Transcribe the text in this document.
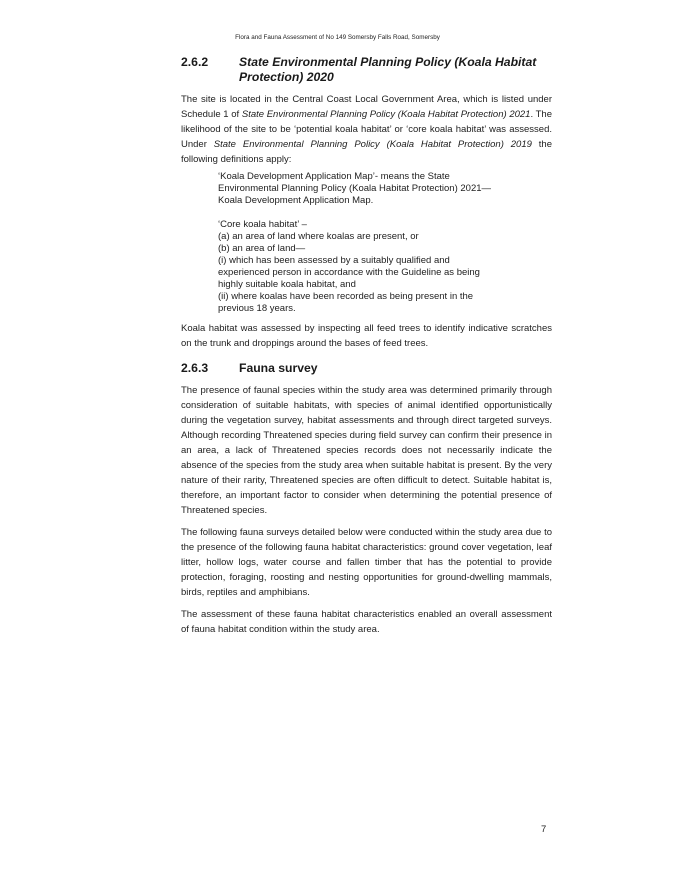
Flora and Fauna Assessment of No 149 Somersby Falls Road, Somersby
2.6.2	State Environmental Planning Policy (Koala Habitat Protection) 2020

The site is located in the Central Coast Local Government Area, which is listed under Schedule 1 of State Environmental Planning Policy (Koala Habitat Protection) 2021. The likelihood of the site to be ‘potential koala habitat’ or ‘core koala habitat’ was assessed. Under State Environmental Planning Policy (Koala Habitat Protection) 2019 the following definitions apply:

‘Koala Development Application Map’- means the State
Environmental Planning Policy (Koala Habitat Protection) 2021—
Koala Development Application Map.
‘Core koala habitat’ –
(a) an area of land where koalas are present, or
(b) an area of land—
(i) which has been assessed by a suitably qualified and
experienced person in accordance with the Guideline as being
highly suitable koala habitat, and
(ii) where koalas have been recorded as being present in the
previous 18 years.

Koala habitat was assessed by inspecting all feed trees to identify indicative scratches on the trunk and droppings around the bases of feed trees.

2.6.3	Fauna survey

The presence of faunal species within the study area was determined primarily through consideration of suitable habitats, with species of animal identified opportunistically during the vegetation survey, habitat assessments and through direct targeted surveys. Although recording Threatened species during field survey can confirm their presence in an area, a lack of Threatened species records does not necessarily indicate the absence of the species from the study area when suitable habitat is present. By the very nature of their rarity, Threatened species are often difficult to detect. Suitable habitat is, therefore, an important factor to consider when determining the potential presence of Threatened species.

The following fauna surveys detailed below were conducted within the study area due to the presence of the following fauna habitat characteristics: ground cover vegetation, leaf litter, hollow logs, water course and fallen timber that has the potential to provide protection, foraging, roosting and nesting opportunities for ground-dwelling mammals, birds, reptiles and amphibians.

The assessment of these fauna habitat characteristics enabled an overall assessment of fauna habitat condition within the study area.

7
